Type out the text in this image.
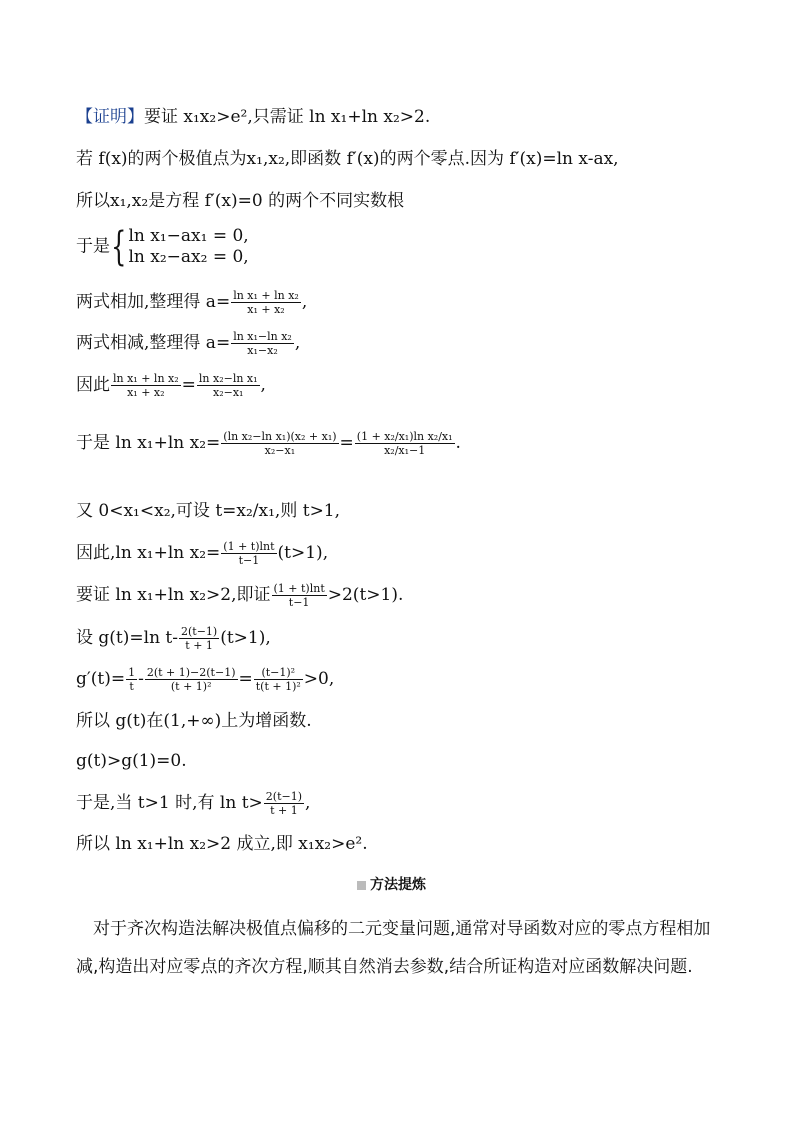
【证明】要证 x₁x₂>e²,只需证 ln x₁+ln x₂>2.
若 f(x)的两个极值点为x₁,x₂,即函数 f′(x)的两个零点.因为 f′(x)=ln x-ax,
所以x₁,x₂是方程 f′(x)=0 的两个不同实数根
于是{ ln x₁−ax₁ = 0,
ln x₂−ax₂ = 0,
两式相加,整理得 $a= \frac{\text{ln x₁ + ln x₂}}{\text{x₁ + x₂}}$ ,
两式相减,整理得 $a= \frac{\text{ln x₁−ln x₂}}{\text{x₁−x₂}}$ ,
因此 $\frac{\text{ln x₁ + ln x₂}}{\text{x₁ + x₂}} = \frac{\text{ln x₂−ln x₁}}{\text{x₂−x₁}}$ ,
于是 ln x₁+ln $x_2= \frac{\text{(ln x₂−ln x₁)(x₂ + x₁)}}{\text{x₂−x₁}} = \frac{\text{(1 + x₂/x₁)ln x₂/x₁}}{\text{x₂/x₁−1}}$ .
又 0<x₁<x₂,可设 t=x₂/x₁,则 t>1,
因此,ln x₁+ln $x_2= \frac{(1 + t)\ln t}{t-1} (t>1)$,
要证 ln x₁+ln x₂>2,即证 $\frac{(1 + t)\ln t}{t-1} >2(t>1)$.
设 g(t)=ln $t- \frac{2(t-1)}{t + 1} (t>1)$,
$g'(t)= \frac{1}{t} - \frac{2(t + 1)-2(t-1)}{\text{(t + 1)²}} = \frac{\text{(t−1)²}}{\text{t(t + 1)²}} >0$,
所以 g(t)在(1,+∞)上为增函数.
g(t)>g(1)=0.
于是,当 t>1 时,有 $\ln t> \frac{2(t-1)}{t + 1}$ ,
所以 ln x₁+ln x₂>2 成立,即 x₁x₂>e².
方法提炼
对于齐次构造法解决极值点偏移的二元变量问题,通常对导函数对应的零点方程相加减,构造出对应零点的齐次方程,顺其自然消去参数,结合所证构造对应函数解决问题.
